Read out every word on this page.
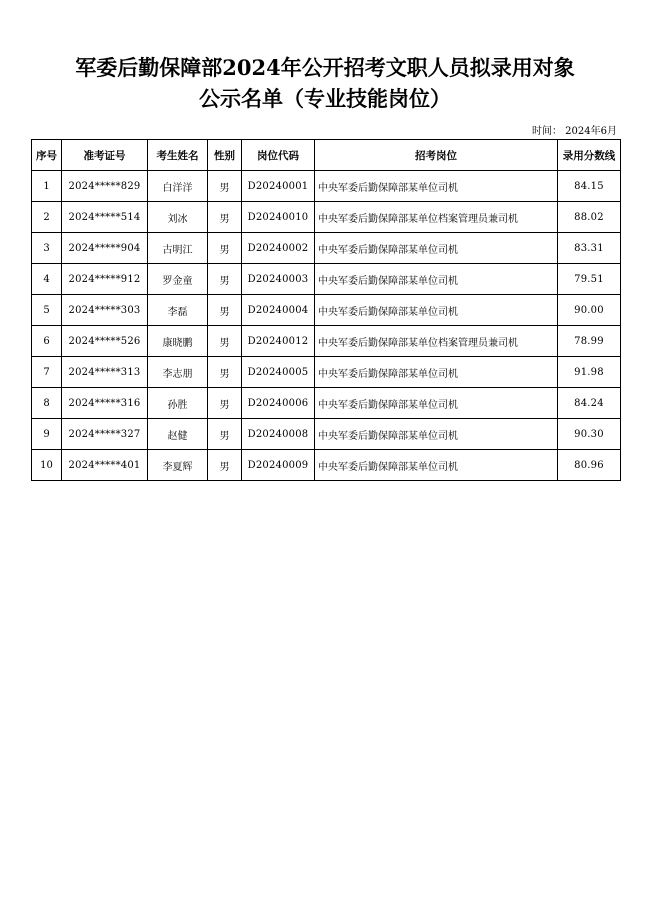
军委后勤保障部2024年公开招考文职人员拟录用对象
公示名单（专业技能岗位）
时间： 2024年6月
序号	准考证号	考生姓名	性别	岗位代码	招考岗位	录用分数线
1	2024*****829	白洋洋	男	D20240001	中央军委后勤保障部某单位司机	84.15
2	2024*****514	刘冰	男	D20240010	中央军委后勤保障部某单位档案管理员兼司机	88.02
3	2024*****904	古明江	男	D20240002	中央军委后勤保障部某单位司机	83.31
4	2024*****912	罗金童	男	D20240003	中央军委后勤保障部某单位司机	79.51
5	2024*****303	李磊	男	D20240004	中央军委后勤保障部某单位司机	90.00
6	2024*****526	康晓鹏	男	D20240012	中央军委后勤保障部某单位档案管理员兼司机	78.99
7	2024*****313	李志朋	男	D20240005	中央军委后勤保障部某单位司机	91.98
8	2024*****316	孙胜	男	D20240006	中央军委后勤保障部某单位司机	84.24
9	2024*****327	赵健	男	D20240008	中央军委后勤保障部某单位司机	90.30
10	2024*****401	李夏辉	男	D20240009	中央军委后勤保障部某单位司机	80.96
